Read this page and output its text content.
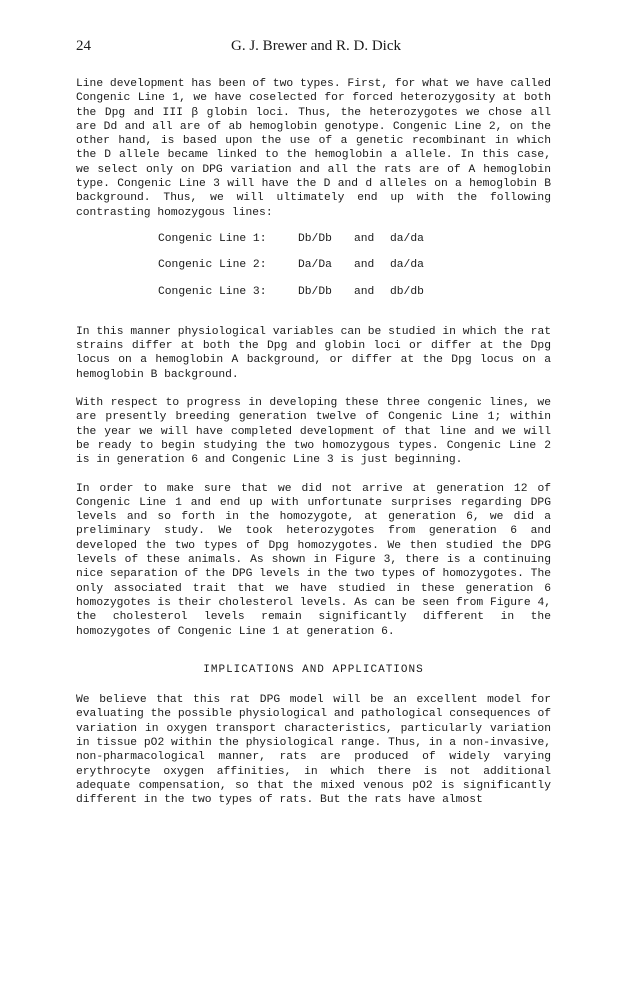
24	G. J. Brewer and R. D. Dick

Line development has been of two types. First, for what we have called Congenic Line 1, we have coselected for forced heterozygosity at both the Dpg and III β globin loci. Thus, the heterozygotes we chose all are Dd and all are of ab hemoglobin genotype. Congenic Line 2, on the other hand, is based upon the use of a genetic recombinant in which the D allele became linked to the hemoglobin a allele. In this case, we select only on DPG variation and all the rats are of A hemoglobin type. Congenic Line 3 will have the D and d alleles on a hemoglobin B background. Thus, we will ultimately end up with the following contrasting homozygous lines:

Congenic Line 1:	Db/Db	and	da/da
Congenic Line 2:	Da/Da	and	da/da
Congenic Line 3:	Db/Db	and	db/db

In this manner physiological variables can be studied in which the rat strains differ at both the Dpg and globin loci or differ at the Dpg locus on a hemoglobin A background, or differ at the Dpg locus on a hemoglobin B background.

With respect to progress in developing these three congenic lines, we are presently breeding generation twelve of Congenic Line 1; within the year we will have completed development of that line and we will be ready to begin studying the two homozygous types. Congenic Line 2 is in generation 6 and Congenic Line 3 is just beginning.

In order to make sure that we did not arrive at generation 12 of Congenic Line 1 and end up with unfortunate surprises regarding DPG levels and so forth in the homozygote, at generation 6, we did a preliminary study. We took heterozygotes from generation 6 and developed the two types of Dpg homozygotes. We then studied the DPG levels of these animals. As shown in Figure 3, there is a continuing nice separation of the DPG levels in the two types of homozygotes. The only associated trait that we have studied in these generation 6 homozygotes is their cholesterol levels. As can be seen from Figure 4, the cholesterol levels remain significantly different in the homozygotes of Congenic Line 1 at generation 6.

IMPLICATIONS AND APPLICATIONS

We believe that this rat DPG model will be an excellent model for evaluating the possible physiological and pathological consequences of variation in oxygen transport characteristics, particularly variation in tissue pO2 within the physiological range. Thus, in a non-invasive, non-pharmacological manner, rats are produced of widely varying erythrocyte oxygen affinities, in which there is not additional adequate compensation, so that the mixed venous pO2 is significantly different in the two types of rats. But the rats have almost
